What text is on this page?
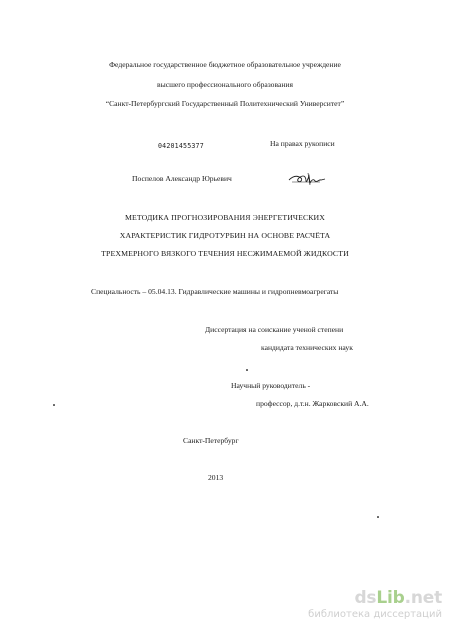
Федеральное государственное бюджетное образовательное учреждение
высшего профессионального образования
“Санкт-Петербургский Государственный Политехнический Университет”
04201455377	На правах рукописи
Поспелов Александр Юрьевич
МЕТОДИКА ПРОГНОЗИРОВАНИЯ ЭНЕРГЕТИЧЕСКИХ
ХАРАКТЕРИСТИК ГИДРОТУРБИН НА ОСНОВЕ РАСЧЁТА
ТРЕХМЕРНОГО ВЯЗКОГО ТЕЧЕНИЯ НЕСЖИМАЕМОЙ ЖИДКОСТИ
Специальность – 05.04.13. Гидравлические машины и гидропневмоагрегаты
Диссертация на соискание ученой степени
кандидата технических наук
Научный руководитель -
профессор, д.т.н. Жарковский А.А.
Санкт-Петербург
2013
dsLib.net
библиотека диссертаций
